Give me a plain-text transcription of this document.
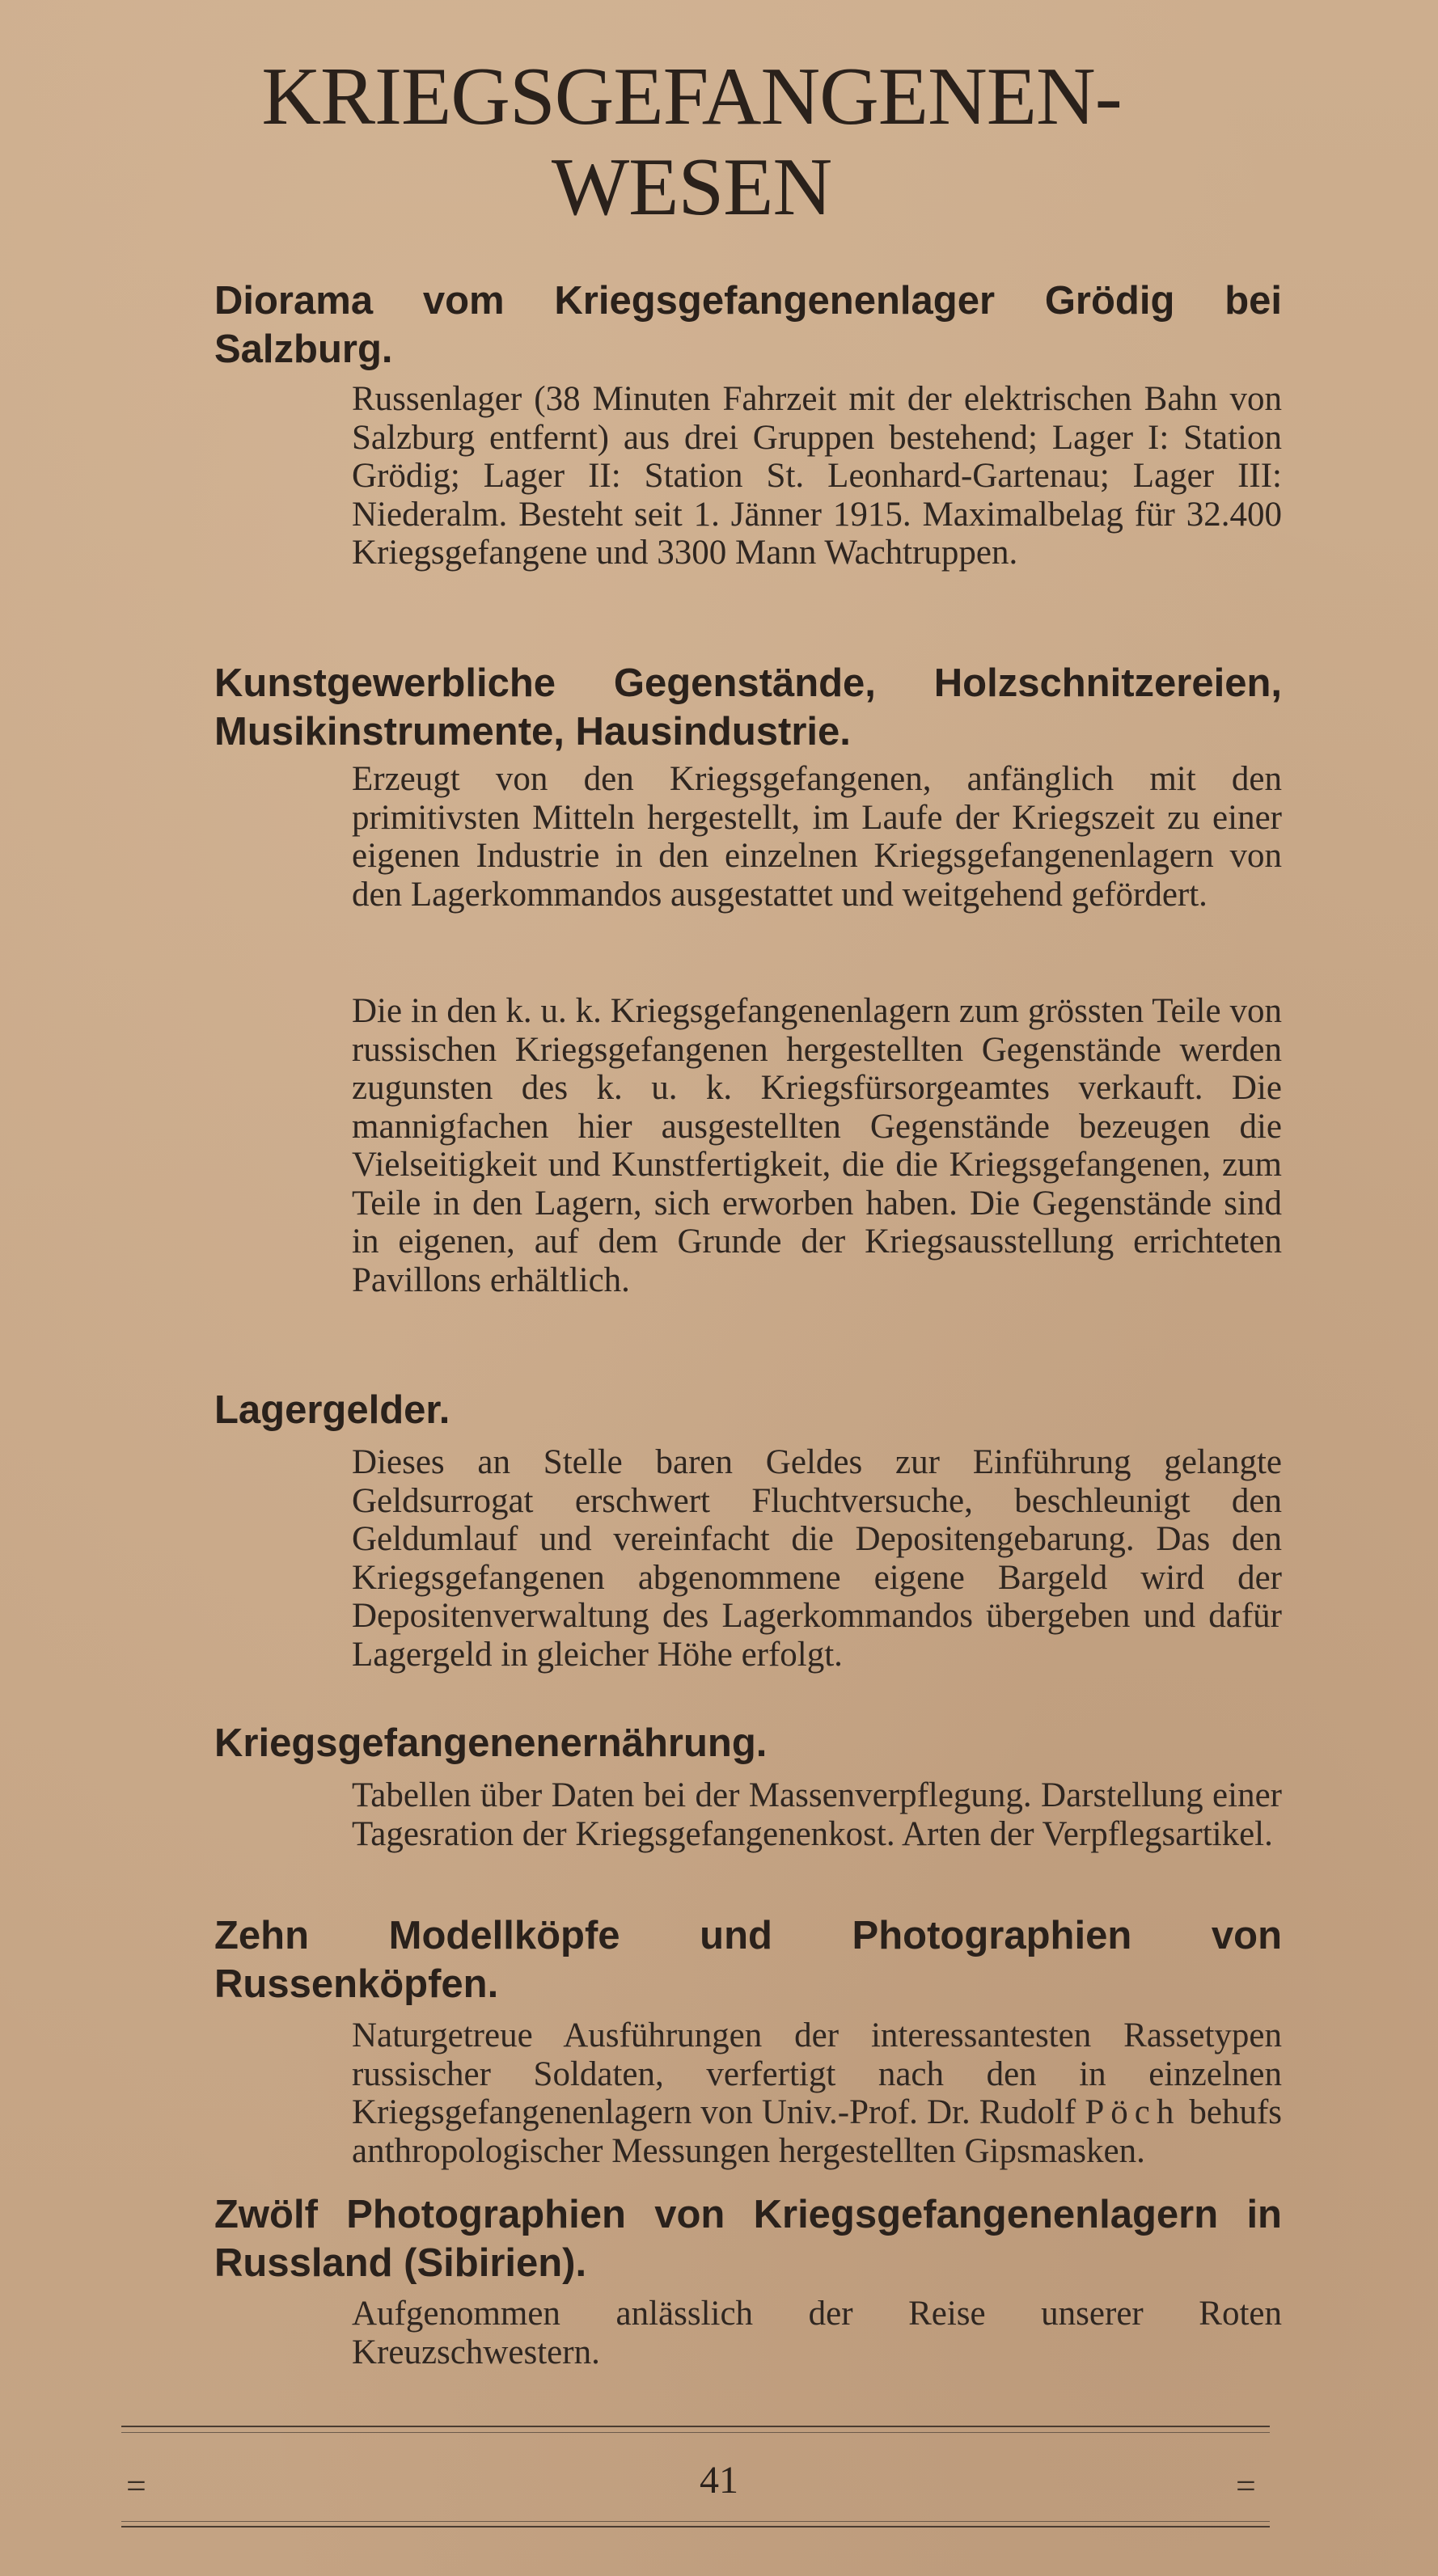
KRIEGSGEFANGENEN-
WESEN
Diorama vom Kriegsgefangenenlager Grödig bei Salzburg.

Russenlager (38 Minuten Fahrzeit mit der elektrischen Bahn von Salzburg entfernt) aus drei Gruppen bestehend; Lager I: Station Grödig; Lager II: Station St. Leonhard-Gartenau; Lager III: Niederalm. Besteht seit 1. Jänner 1915. Maximalbelag für 32.400 Kriegsgefangene und 3300 Mann Wachtruppen.

Kunstgewerbliche Gegenstände, Holzschnitzereien, Musikinstrumente, Hausindustrie.

Erzeugt von den Kriegsgefangenen, anfänglich mit den primitivsten Mitteln hergestellt, im Laufe der Kriegszeit zu einer eigenen Industrie in den einzelnen Kriegsgefangenenlagern von den Lagerkommandos ausgestattet und weitgehend gefördert.

Die in den k. u. k. Kriegsgefangenenlagern zum grössten Teile von russischen Kriegsgefangenen hergestellten Gegenstände werden zugunsten des k. u. k. Kriegsfürsorgeamtes verkauft. Die mannigfachen hier ausgestellten Gegenstände bezeugen die Vielseitigkeit und Kunstfertigkeit, die die Kriegsgefangenen, zum Teile in den Lagern, sich erworben haben. Die Gegenstände sind in eigenen, auf dem Grunde der Kriegsausstellung errichteten Pavillons erhältlich.

Lagergelder.

Dieses an Stelle baren Geldes zur Einführung gelangte Geldsurrogat erschwert Fluchtversuche, beschleunigt den Geldumlauf und vereinfacht die Depositengebarung. Das den Kriegsgefangenen abgenommene eigene Bargeld wird der Depositenverwaltung des Lagerkommandos übergeben und dafür Lagergeld in gleicher Höhe erfolgt.

Kriegsgefangenenernährung.

Tabellen über Daten bei der Massenverpflegung. Darstellung einer Tagesration der Kriegsgefangenenkost. Arten der Verpflegsartikel.

Zehn Modellköpfe und Photographien von Russenköpfen.

Naturgetreue Ausführungen der interessantesten Rassetypen russischer Soldaten, verfertigt nach den in einzelnen Kriegsgefangenenlagern von Univ.-Prof. Dr. Rudolf Pöch behufs anthropologischer Messungen hergestellten Gipsmasken.

Zwölf Photographien von Kriegsgefangenenlagern in Russland (Sibirien).

Aufgenommen anlässlich der Reise unserer Roten Kreuzschwestern.

=	41	=
